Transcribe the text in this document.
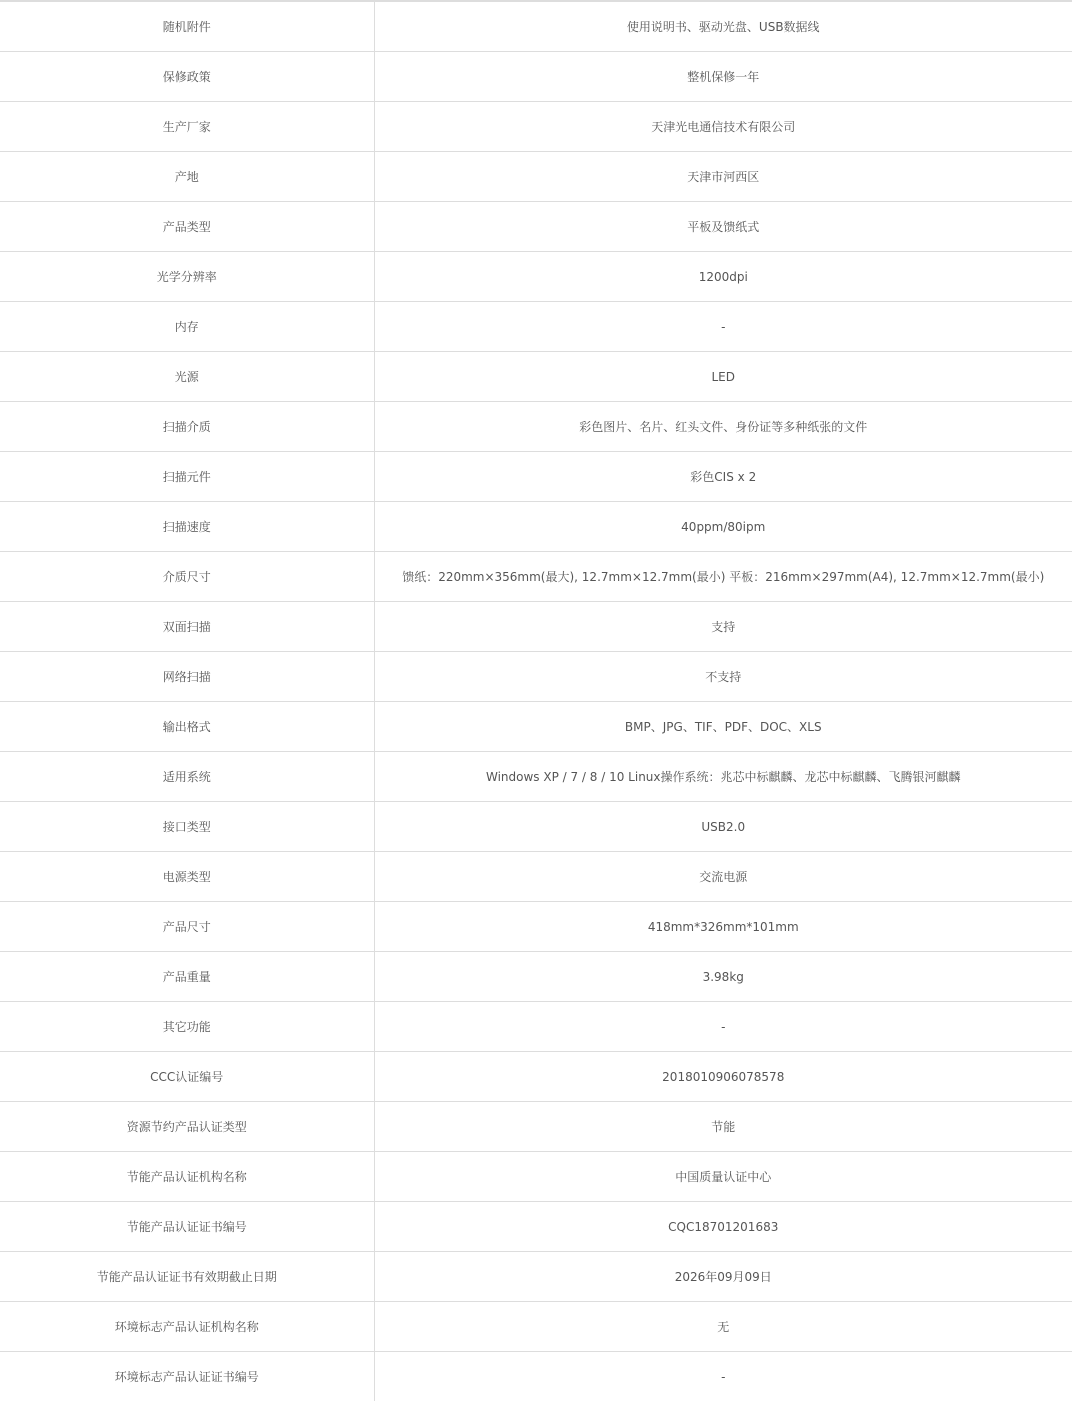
随机附件	使用说明书、驱动光盘、USB数据线
保修政策	整机保修一年
生产厂家	天津光电通信技术有限公司
产地	天津市河西区
产品类型	平板及馈纸式
光学分辨率	1200dpi
内存	-
光源	LED
扫描介质	彩色图片、名片、红头文件、身份证等多种纸张的文件
扫描元件	彩色CIS x 2
扫描速度	40ppm/80ipm
介质尺寸	馈纸：220mm×356mm(最大), 12.7mm×12.7mm(最小) 平板：216mm×297mm(A4), 12.7mm×12.7mm(最小)
双面扫描	支持
网络扫描	不支持
输出格式	BMP、JPG、TIF、PDF、DOC、XLS
适用系统	Windows XP / 7 / 8 / 10 Linux操作系统：兆芯中标麒麟、龙芯中标麒麟、飞腾银河麒麟
接口类型	USB2.0
电源类型	交流电源
产品尺寸	418mm*326mm*101mm
产品重量	3.98kg
其它功能	-
CCC认证编号	2018010906078578
资源节约产品认证类型	节能
节能产品认证机构名称	中国质量认证中心
节能产品认证证书编号	CQC18701201683
节能产品认证证书有效期截止日期	2026年09月09日
环境标志产品认证机构名称	无
环境标志产品认证证书编号	-
